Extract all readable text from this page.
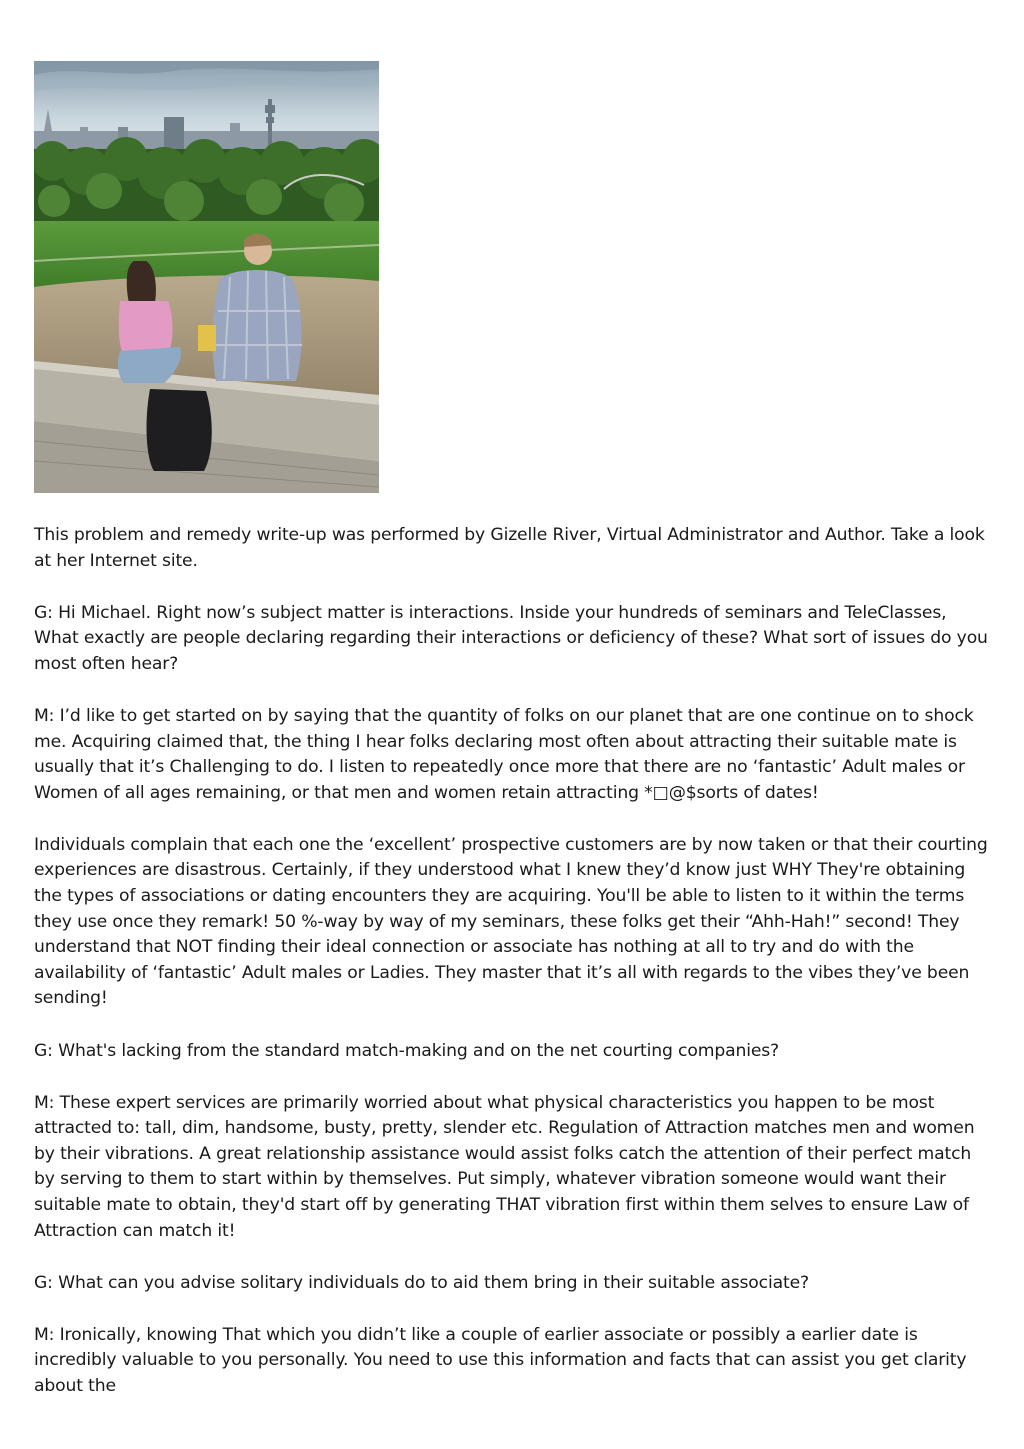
This problem and remedy write-up was performed by Gizelle River, Virtual Administrator and Author. Take a look at her Internet site.

G: Hi Michael. Right now’s subject matter is interactions. Inside your hundreds of seminars and TeleClasses, What exactly are people declaring regarding their interactions or deficiency of these? What sort of issues do you most often hear?

M: I’d like to get started on by saying that the quantity of folks on our planet that are one continue on to shock me. Acquiring claimed that, the thing I hear folks declaring most often about attracting their suitable mate is usually that it’s Challenging to do. I listen to repeatedly once more that there are no ‘fantastic’ Adult males or Women of all ages remaining, or that men and women retain attracting *□@$sorts of dates!

Individuals complain that each one the ‘excellent’ prospective customers are by now taken or that their courting experiences are disastrous. Certainly, if they understood what I knew they’d know just WHY They're obtaining the types of associations or dating encounters they are acquiring. You'll be able to listen to it within the terms they use once they remark! 50 %-way by way of my seminars, these folks get their “Ahh-Hah!” second! They understand that NOT finding their ideal connection or associate has nothing at all to try and do with the availability of ‘fantastic’ Adult males or Ladies. They master that it’s all with regards to the vibes they’ve been sending!

G: What's lacking from the standard match-making and on the net courting companies?

M: These expert services are primarily worried about what physical characteristics you happen to be most attracted to: tall, dim, handsome, busty, pretty, slender etc. Regulation of Attraction matches men and women by their vibrations. A great relationship assistance would assist folks catch the attention of their perfect match by serving to them to start within by themselves. Put simply, whatever vibration someone would want their suitable mate to obtain, they'd start off by generating THAT vibration first within them selves to ensure Law of Attraction can match it!

G: What can you advise solitary individuals do to aid them bring in their suitable associate?

M: Ironically, knowing That which you didn’t like a couple of earlier associate or possibly a earlier date is incredibly valuable to you personally. You need to use this information and facts that can assist you get clarity about the
